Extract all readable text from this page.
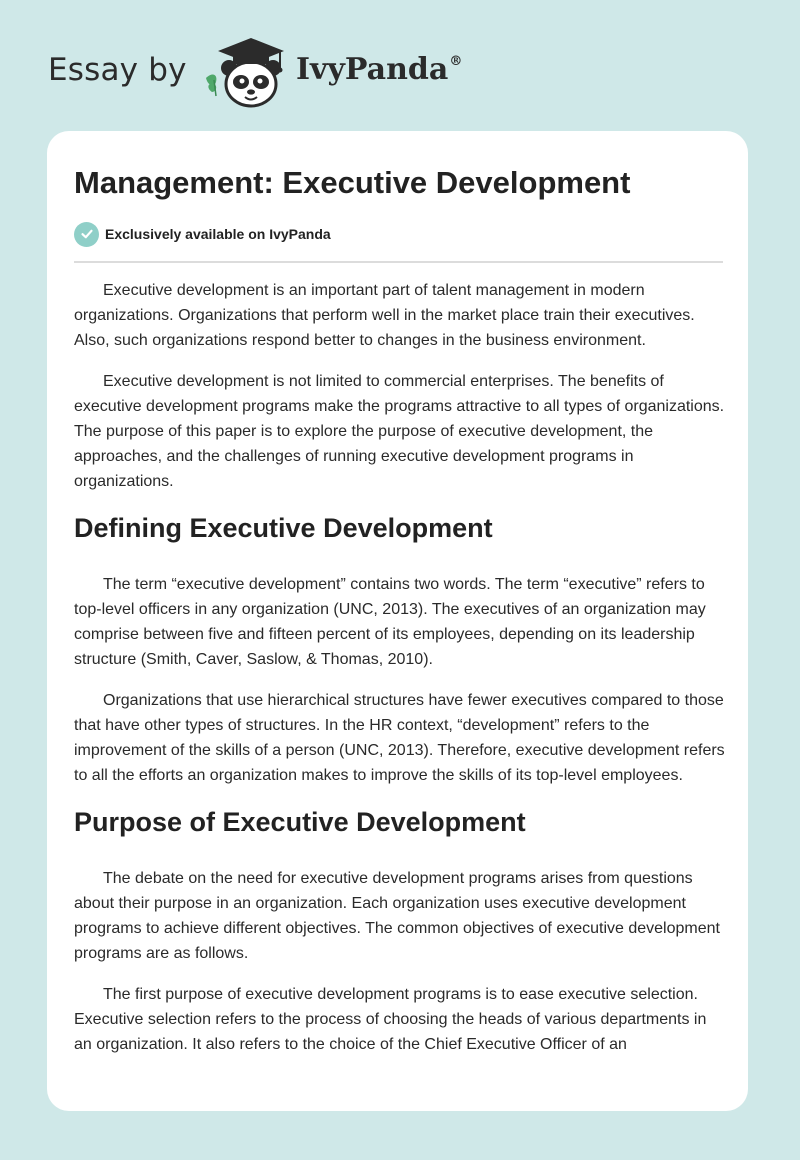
Essay by	IvyPanda®
Management: Executive Development
Exclusively available on IvyPanda

Executive development is an important part of talent management in modern organizations. Organizations that perform well in the market place train their executives. Also, such organizations respond better to changes in the business environment.

Executive development is not limited to commercial enterprises. The benefits of executive development programs make the programs attractive to all types of organizations. The purpose of this paper is to explore the purpose of executive development, the approaches, and the challenges of running executive development programs in organizations.

Defining Executive Development

The term “executive development” contains two words. The term “executive” refers to top-level officers in any organization (UNC, 2013). The executives of an organization may comprise between five and fifteen percent of its employees, depending on its leadership structure (Smith, Caver, Saslow, & Thomas, 2010).

Organizations that use hierarchical structures have fewer executives compared to those that have other types of structures. In the HR context, “development” refers to the improvement of the skills of a person (UNC, 2013). Therefore, executive development refers to all the efforts an organization makes to improve the skills of its top-level employees.

Purpose of Executive Development

The debate on the need for executive development programs arises from questions about their purpose in an organization. Each organization uses executive development programs to achieve different objectives. The common objectives of executive development programs are as follows.

The first purpose of executive development programs is to ease executive selection. Executive selection refers to the process of choosing the heads of various departments in an organization. It also refers to the choice of the Chief Executive Officer of an
